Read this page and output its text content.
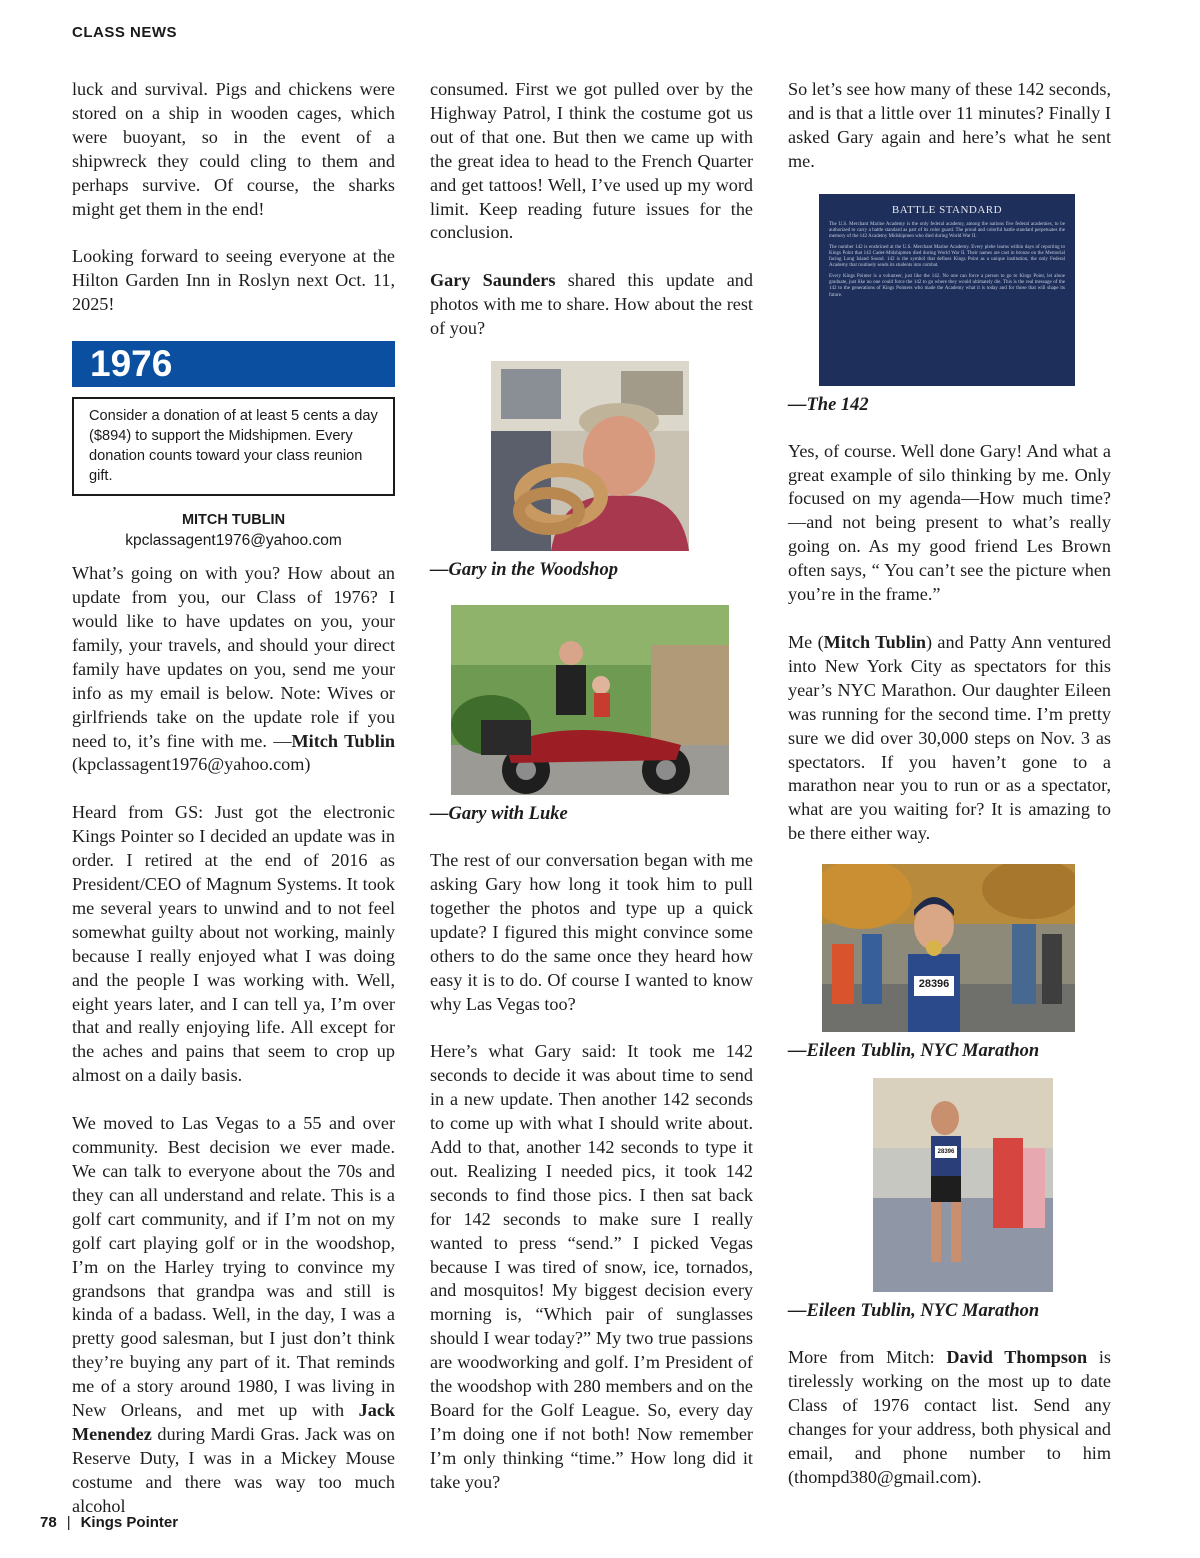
CLASS NEWS

luck and survival. Pigs and chickens were stored on a ship in wooden cages, which were buoyant, so in the event of a shipwreck they could cling to them and perhaps survive. Of course, the sharks might get them in the end!

Looking forward to seeing everyone at the Hilton Garden Inn in Roslyn next Oct. 11, 2025!

1976
Consider a donation of at least 5 cents a day ($894) to support the Midshipmen. Every donation counts toward your class reunion gift.
MITCH TUBLIN
kpclassagent1976@yahoo.com

What’s going on with you? How about an update from you, our Class of 1976? I would like to have updates on you, your family, your travels, and should your direct family have updates on you, send me your info as my email is below. Note: Wives or girlfriends take on the update role if you need to, it’s fine with me. —Mitch Tublin (kpclassagent1976@yahoo.com)

Heard from GS: Just got the electronic Kings Pointer so I decided an update was in order. I retired at the end of 2016 as President/CEO of Magnum Systems. It took me several years to unwind and to not feel somewhat guilty about not working, mainly because I really enjoyed what I was doing and the people I was working with. Well, eight years later, and I can tell ya, I’m over that and really enjoying life. All except for the aches and pains that seem to crop up almost on a daily basis.

We moved to Las Vegas to a 55 and over community. Best decision we ever made. We can talk to everyone about the 70s and they can all understand and relate. This is a golf cart community, and if I’m not on my golf cart playing golf or in the woodshop, I’m on the Harley trying to convince my grandsons that grandpa was and still is kinda of a badass. Well, in the day, I was a pretty good salesman, but I just don’t think they’re buying any part of it. That reminds me of a story around 1980, I was living in New Orleans, and met up with Jack Menendez during Mardi Gras. Jack was on Reserve Duty, I was in a Mickey Mouse costume and there was way too much alcohol

consumed. First we got pulled over by the Highway Patrol, I think the costume got us out of that one. But then we came up with the great idea to head to the French Quarter and get tattoos! Well, I’ve used up my word limit. Keep reading future issues for the conclusion.

Gary Saunders shared this update and photos with me to share. How about the rest of you?

—Gary in the Woodshop

—Gary with Luke

The rest of our conversation began with me asking Gary how long it took him to pull together the photos and type up a quick update? I figured this might convince some others to do the same once they heard how easy it is to do. Of course I wanted to know why Las Vegas too?

Here’s what Gary said: It took me 142 seconds to decide it was about time to send in a new update. Then another 142 seconds to come up with what I should write about. Add to that, another 142 seconds to type it out. Realizing I needed pics, it took 142 seconds to find those pics. I then sat back for 142 seconds to make sure I really wanted to press “send.” I picked Vegas because I was tired of snow, ice, tornados, and mosquitos! My biggest decision every morning is, “Which pair of sunglasses should I wear today?” My two true passions are woodworking and golf. I’m President of the woodshop with 280 members and on the Board for the Golf League. So, every day I’m doing one if not both! Now remember I’m only thinking “time.” How long did it take you?

So let’s see how many of these 142 seconds, and is that a little over 11 minutes? Finally I asked Gary again and here’s what he sent me.

BATTLE STANDARD
The U.S. Merchant Marine Academy is the only federal academy, among the nations five federal academies, to be authorized to carry a battle standard as part of its color guard. The proud and colorful battle standard perpetuates the memory of the 142 Academy Midshipmen who died during World War II.
The number 142 is enshrined at the U.S. Merchant Marine Academy. Every plebe learns within days of reporting to Kings Point that 142 Cadet-Midshipmen died during World War II. Their names are cast in bronze on the Memorial facing Long Island Sound. 142 is the symbol that defines Kings Point as a unique institution, the only Federal Academy that routinely sends its students into combat.
Every Kings Pointer is a volunteer, just like the 142. No one can force a person to go to Kings Point, let alone graduate, just like no one could force the 142 to go where they would ultimately die. This is the real message of the 142 to the generations of Kings Pointers who made the Academy what it is today and for those that will shape its future.

—The 142

Yes, of course. Well done Gary! And what a great example of silo thinking by me. Only focused on my agenda—How much time?—and not being present to what’s really going on. As my good friend Les Brown often says, “ You can’t see the picture when you’re in the frame.”

Me (Mitch Tublin) and Patty Ann ventured into New York City as spectators for this year’s NYC Marathon. Our daughter Eileen was running for the second time. I’m pretty sure we did over 30,000 steps on Nov. 3 as spectators. If you haven’t gone to a marathon near you to run or as a spectator, what are you waiting for? It is amazing to be there either way.

28396

—Eileen Tublin, NYC Marathon

28396

—Eileen Tublin, NYC Marathon

More from Mitch: David Thompson is tirelessly working on the most up to date Class of 1976 contact list. Send any changes for your address, both physical and email, and phone number to him (thompd380@gmail.com).

78 | Kings Pointer
